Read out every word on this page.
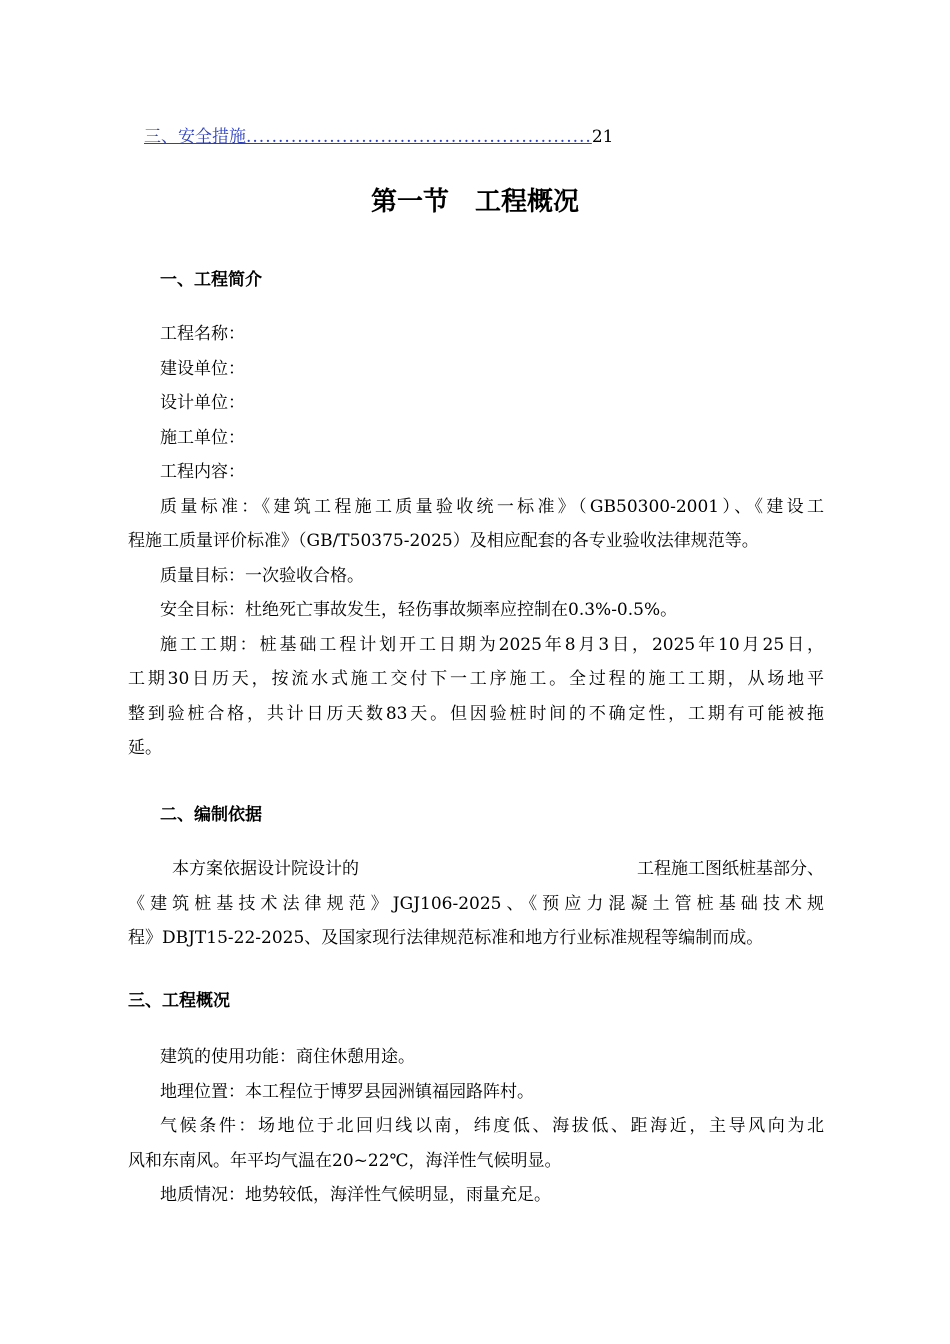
三、安全措施......................................................21
第一节　工程概况
一、工程简介
工程名称：
建设单位：
设计单位：
施工单位：
工程内容：
质量标准：《建筑工程施工质量验收统一标准》（GB50300-2001）、《建设工
程施工质量评价标准》（GB/T50375-2025）及相应配套的各专业验收法律规范等。
质量目标：一次验收合格。
安全目标：杜绝死亡事故发生，轻伤事故频率应控制在0.3%-0.5%。
施工工期：桩基础工程计划开工日期为2025年8月3日，2025年10月25日，
工期30日历天，按流水式施工交付下一工序施工。全过程的施工工期，从场地平
整到验桩合格，共计日历天数83天。但因验桩时间的不确定性，工期有可能被拖
延。
二、编制依据
本方案依据设计院设计的	工程施工图纸桩基部分、
《建筑桩基技术法律规范》JGJ106-2025、《预应力混凝土管桩基础技术规
程》DBJT15-22-2025、及国家现行法律规范标准和地方行业标准规程等编制而成。
三、工程概况
建筑的使用功能：商住休憩用途。
地理位置：本工程位于博罗县园洲镇福园路阵村。
气候条件：场地位于北回归线以南，纬度低、海拔低、距海近，主导风向为北
风和东南风。年平均气温在20~22℃，海洋性气候明显。
地质情况：地势较低，海洋性气候明显，雨量充足。
